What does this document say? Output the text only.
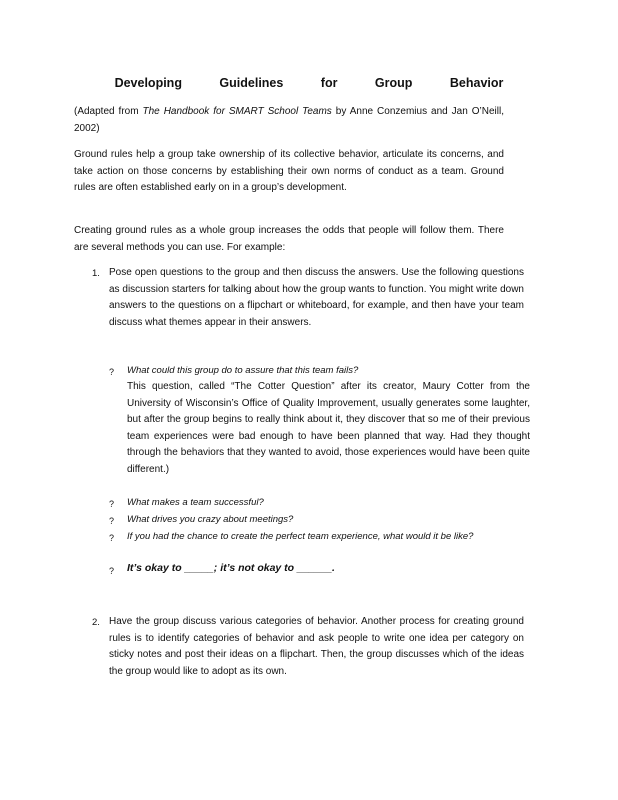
Developing Guidelines for Group Behavior
(Adapted from The Handbook for SMART School Teams by Anne Conzemius and Jan O’Neill, 2002)
Ground rules help a group take ownership of its collective behavior, articulate its concerns, and take action on those concerns by establishing their own norms of conduct as a team. Ground rules are often established early on in a group’s development.
Creating ground rules as a whole group increases the odds that people will follow them. There are several methods you can use. For example:
1. Pose open questions to the group and then discuss the answers. Use the following questions as discussion starters for talking about how the group wants to function. You might write down answers to the questions on a flipchart or whiteboard, for example, and then have your team discuss what themes appear in their answers.
? What could this group do to assure that this team fails?
This question, called “The Cotter Question” after its creator, Maury Cotter from the University of Wisconsin’s Office of Quality Improvement, usually generates some laughter, but after the group begins to really think about it, they discover that so me of their previous team experiences were bad enough to have been planned that way. Had they thought through the behaviors that they wanted to avoid, those experiences would have been quite different.)
? What makes a team successful?
? What drives you crazy about meetings?
? If you had the chance to create the perfect team experience, what would it be like?
? It’s okay to _____; it’s not okay to ______.
2. Have the group discuss various categories of behavior. Another process for creating ground rules is to identify categories of behavior and ask people to write one idea per category on sticky notes and post their ideas on a flipchart. Then, the group discusses which of the ideas the group would like to adopt as its own.
